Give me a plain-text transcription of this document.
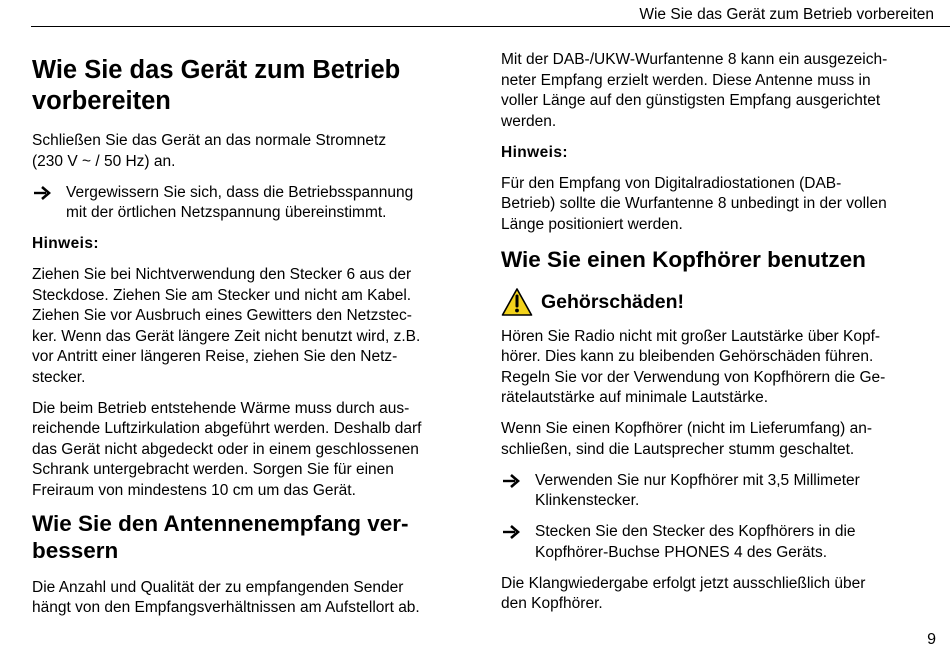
Wie Sie das Gerät zum Betrieb vorbereiten
Wie Sie das Gerät zum Betrieb
vorbereiten

Schließen Sie das Gerät an das normale Stromnetz
(230 V ~ / 50 Hz) an.

Vergewissern Sie sich, dass die Betriebsspannung
mit der örtlichen Netzspannung übereinstimmt.

Hinweis:

Ziehen Sie bei Nichtverwendung den Stecker 6 aus der
Steckdose. Ziehen Sie am Stecker und nicht am Kabel.
Ziehen Sie vor Ausbruch eines Gewitters den Netzstec-
ker. Wenn das Gerät längere Zeit nicht benutzt wird, z.B.
vor Antritt einer längeren Reise, ziehen Sie den Netz-
stecker.

Die beim Betrieb entstehende Wärme muss durch aus-
reichende Luftzirkulation abgeführt werden. Deshalb darf
das Gerät nicht abgedeckt oder in einem geschlossenen
Schrank untergebracht werden. Sorgen Sie für einen
Freiraum von mindestens 10 cm um das Gerät.

Wie Sie den Antennenempfang ver-
bessern

Die Anzahl und Qualität der zu empfangenden Sender
hängt von den Empfangsverhältnissen am Aufstellort ab.

Mit der DAB-/UKW-Wurfantenne 8 kann ein ausgezeich-
neter Empfang erzielt werden. Diese Antenne muss in
voller Länge auf den günstigsten Empfang ausgerichtet
werden.

Hinweis:

Für den Empfang von Digitalradiostationen (DAB-
Betrieb) sollte die Wurfantenne 8 unbedingt in der vollen
Länge positioniert werden.

Wie Sie einen Kopfhörer benutzen
Gehörschäden!

Hören Sie Radio nicht mit großer Lautstärke über Kopf-
hörer. Dies kann zu bleibenden Gehörschäden führen.
Regeln Sie vor der Verwendung von Kopfhörern die Ge-
rätelautstärke auf minimale Lautstärke.

Wenn Sie einen Kopfhörer (nicht im Lieferumfang) an-
schließen, sind die Lautsprecher stumm geschaltet.

Verwenden Sie nur Kopfhörer mit 3,5 Millimeter
Klinkenstecker.

Stecken Sie den Stecker des Kopfhörers in die
Kopfhörer-Buchse PHONES 4 des Geräts.

Die Klangwiedergabe erfolgt jetzt ausschließlich über
den Kopfhörer.

9
